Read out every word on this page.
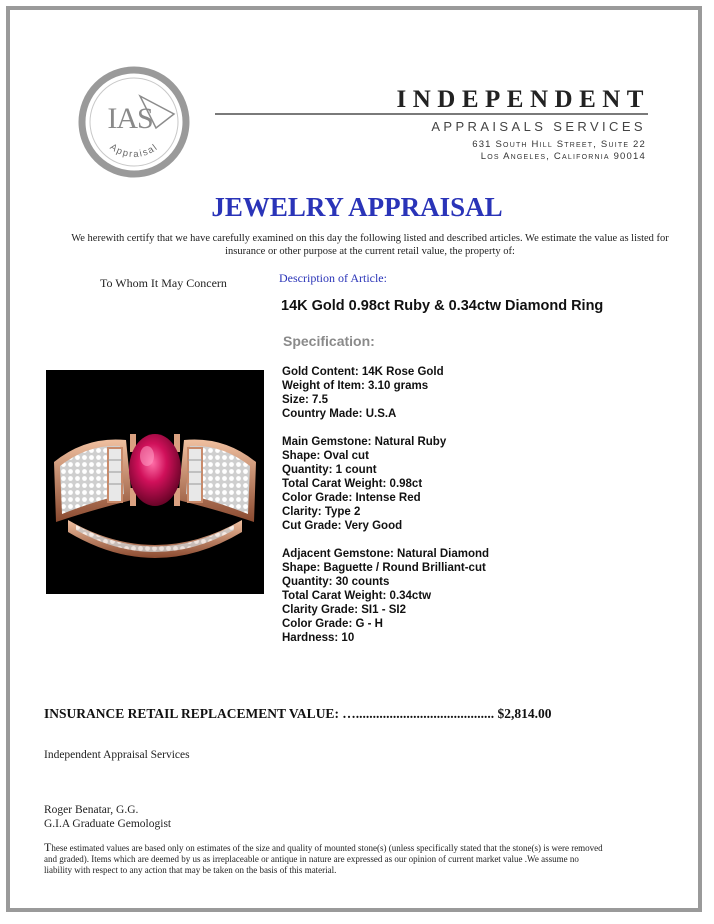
IAS
Appraisal
INDEPENDENT
APPRAISALS SERVICES
631 South Hill Street, Suite 22
Los Angeles, California 90014
JEWELRY APPRAISAL
We herewith certify that we have carefully examined on this day the following listed and described articles. We estimate the value as listed for insurance or other purpose at the current retail value, the property of:
To Whom It May Concern	Description of Article:
14K Gold 0.98ct Ruby & 0.34ctw Diamond Ring
Specification:
Gold Content: 14K Rose Gold
Weight of Item: 3.10 grams
Size: 7.5
Country Made: U.S.A
Main Gemstone: Natural Ruby
Shape: Oval cut
Quantity: 1 count
Total Carat Weight: 0.98ct
Color Grade: Intense Red
Clarity: Type 2
Cut Grade: Very Good
Adjacent Gemstone: Natural Diamond
Shape: Baguette / Round Brilliant-cut
Quantity: 30 counts
Total Carat Weight: 0.34ctw
Clarity Grade: SI1 - SI2
Color Grade: G - H
Hardness: 10
INSURANCE RETAIL REPLACEMENT VALUE: …......................................... $2,814.00
Independent Appraisal Services
Roger Benatar, G.G.
G.I.A Graduate Gemologist
These estimated values are based only on estimates of the size and quality of mounted stone(s) (unless specifically stated that the stone(s) is were removed and graded). Items which are deemed by us as irreplaceable or antique in nature are expressed as our opinion of current market value .We assume no liability with respect to any action that may be taken on the basis of this material.
